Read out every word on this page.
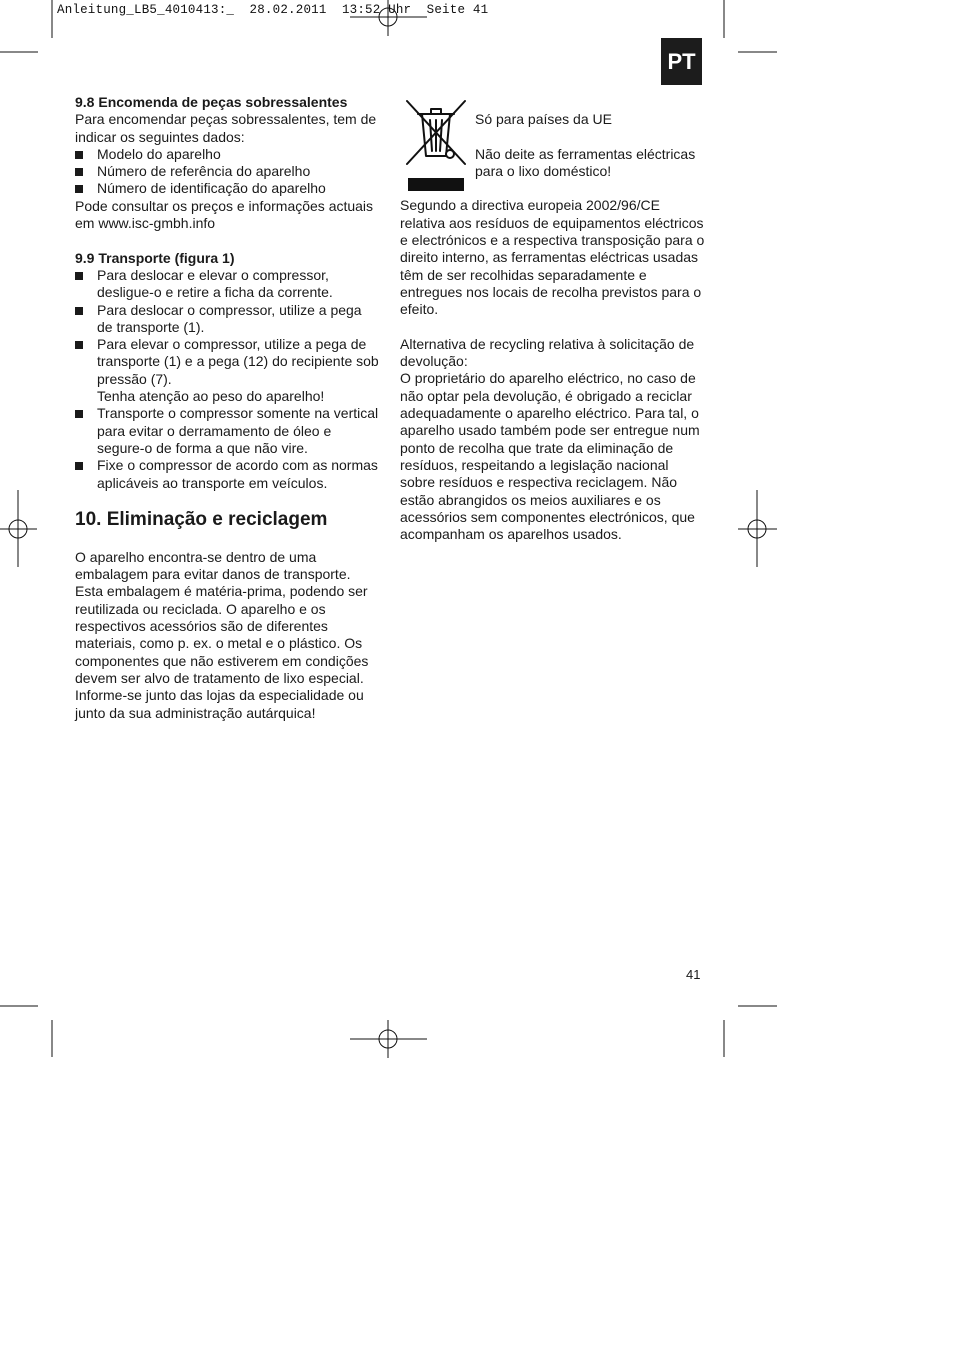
Anleitung_LB5_4010413:_  28.02.2011  13:52 Uhr  Seite 41
PT

9.8 Encomenda de peças sobressalentes

Para encomendar peças sobressalentes, tem de indicar os seguintes dados:

Modelo do aparelho
Número de referência do aparelho
Número de identificação do aparelho

Pode consultar os preços e informações actuais em www.isc-gmbh.info

9.9 Transporte (figura 1)

Para deslocar e elevar o compressor, desligue-o e retire a ficha da corrente.
Para deslocar o compressor, utilize a pega de transporte (1).
Para elevar o compressor, utilize a pega de transporte (1) e a pega (12) do recipiente sob pressão (7).

Tenha atenção ao peso do aparelho!

Transporte o compressor somente na vertical para evitar o derramamento de óleo e segure-o de forma a que não vire.
Fixe o compressor de acordo com as normas aplicáveis ao transporte em veículos.

10. Eliminação e reciclagem

O aparelho encontra-se dentro de uma embalagem para evitar danos de transporte. Esta embalagem é matéria-prima, podendo ser reutilizada ou reciclada. O aparelho e os respectivos acessórios são de diferentes materiais, como p. ex. o metal e o plástico. Os componentes que não estiverem em condições devem ser alvo de tratamento de lixo especial. Informe-se junto das lojas da especialidade ou junto da sua administração autárquica!

Só para países da UE

Não deite as ferramentas eléctricas para o lixo doméstico!

Segundo a directiva europeia 2002/96/CE relativa aos resíduos de equipamentos eléctricos e electrónicos e a respectiva transposição para o direito interno, as ferramentas eléctricas usadas têm de ser recolhidas separadamente e entregues nos locais de recolha previstos para o efeito.

Alternativa de recycling relativa à solicitação de devolução:

O proprietário do aparelho eléctrico, no caso de não optar pela devolução, é obrigado a reciclar adequadamente o aparelho eléctrico. Para tal, o aparelho usado também pode ser entregue num ponto de recolha que trate da eliminação de resíduos, respeitando a legislação nacional sobre resíduos e respectiva reciclagem. Não estão abrangidos os meios auxiliares e os acessórios sem componentes electrónicos, que acompanham os aparelhos usados.

41
